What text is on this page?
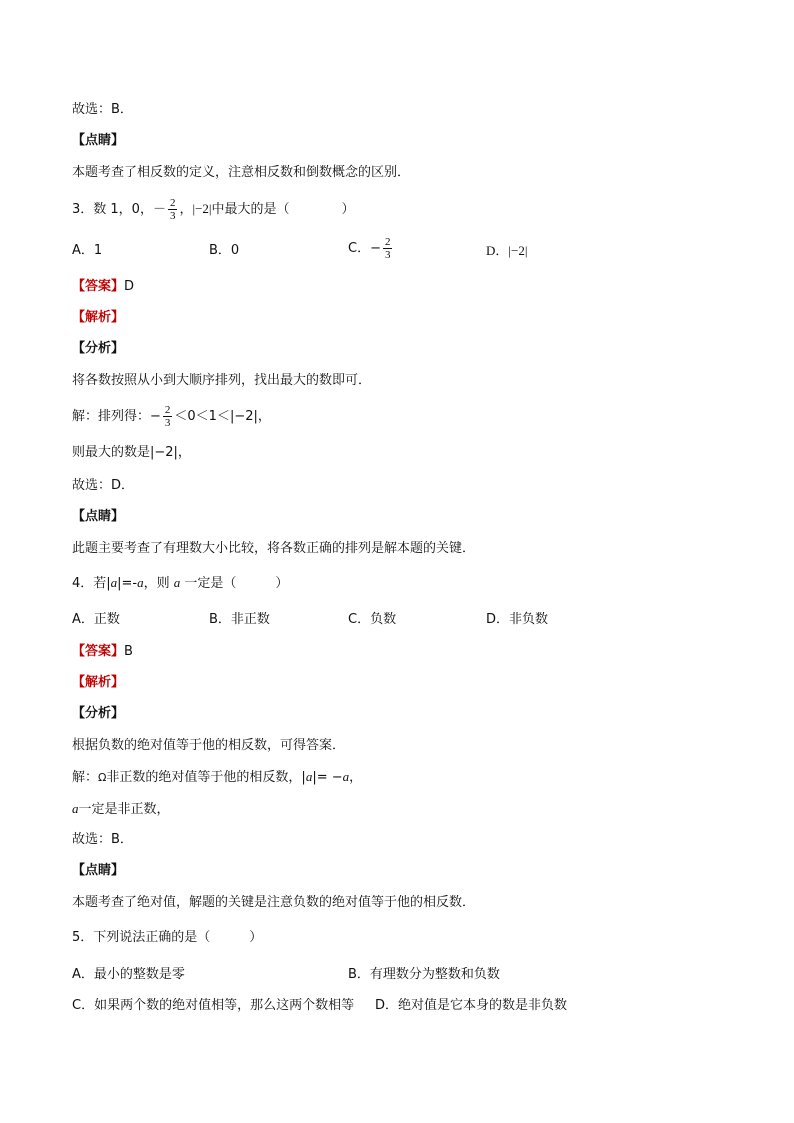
故选：B．
【点睛】
本题考查了相反数的定义，注意相反数和倒数概念的区别．
3．数 1，0，－ $\frac{2}{3}$ ，|−2|中最大的是（　　　　）
A．1	B．0	C．− $\frac{2}{3}$	D．|−2|
【答案】D
【解析】
【分析】
将各数按照从小到大顺序排列，找出最大的数即可．
解：排列得：− $\frac{2}{3} <0<1<|-2|$，
则最大的数是|−2|，
故选：D．
【点睛】
此题主要考查了有理数大小比较，将各数正确的排列是解本题的关键．
4．若|a|=-a，则 a 一定是（　　　）
A．正数	B．非正数	C．负数	D．非负数
【答案】B
【解析】
【分析】
根据负数的绝对值等于他的相反数，可得答案．
解：Ω非正数的绝对值等于他的相反数，|a|= −a，
a一定是非正数，
故选：B．
【点睛】
本题考查了绝对值，解题的关键是注意负数的绝对值等于他的相反数．
5．下列说法正确的是（　　　）
A．最小的整数是零	B．有理数分为整数和负数
C．如果两个数的绝对值相等，那么这两个数相等 D．绝对值是它本身的数是非负数
